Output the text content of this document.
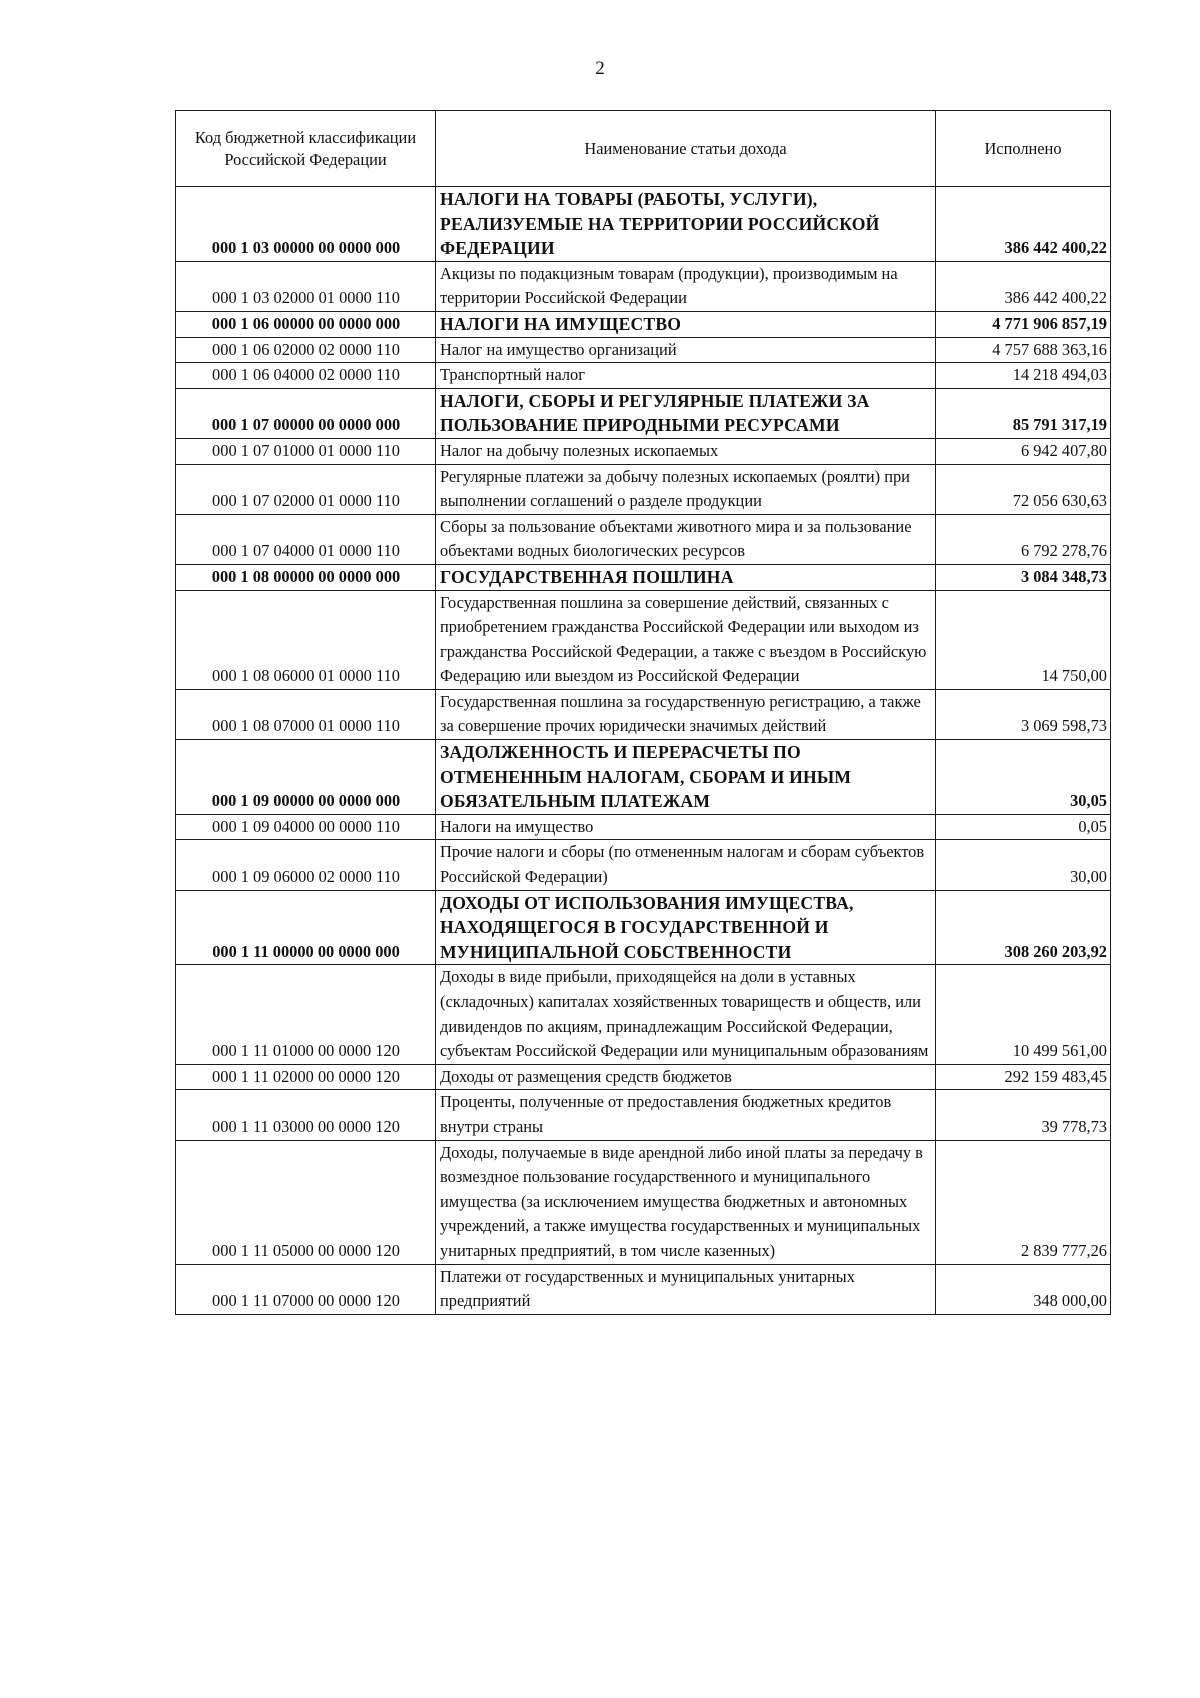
2
Код бюджетной классификации Российской Федерации	Наименование статьи дохода	Исполнено
000 1 03 00000 00 0000 000	НАЛОГИ НА ТОВАРЫ (РАБОТЫ, УСЛУГИ), РЕАЛИЗУЕМЫЕ НА ТЕРРИТОРИИ РОССИЙСКОЙ ФЕДЕРАЦИИ	386 442 400,22
000 1 03 02000 01 0000 110	Акцизы по подакцизным товарам (продукции), производимым на территории Российской Федерации	386 442 400,22
000 1 06 00000 00 0000 000	НАЛОГИ НА ИМУЩЕСТВО	4 771 906 857,19
000 1 06 02000 02 0000 110	Налог на имущество организаций	4 757 688 363,16
000 1 06 04000 02 0000 110	Транспортный налог	14 218 494,03
000 1 07 00000 00 0000 000	НАЛОГИ, СБОРЫ И РЕГУЛЯРНЫЕ ПЛАТЕЖИ ЗА ПОЛЬЗОВАНИЕ ПРИРОДНЫМИ РЕСУРСАМИ	85 791 317,19
000 1 07 01000 01 0000 110	Налог на добычу полезных ископаемых	6 942 407,80
000 1 07 02000 01 0000 110	Регулярные платежи за добычу полезных ископаемых (роялти) при выполнении соглашений о разделе продукции	72 056 630,63
000 1 07 04000 01 0000 110	Сборы за пользование объектами животного мира и за пользование объектами водных биологических ресурсов	6 792 278,76
000 1 08 00000 00 0000 000	ГОСУДАРСТВЕННАЯ ПОШЛИНА	3 084 348,73
000 1 08 06000 01 0000 110	Государственная пошлина за совершение действий, связанных с приобретением гражданства Российской Федерации или выходом из гражданства Российской Федерации, а также с въездом в Российскую Федерацию или выездом из Российской Федерации	14 750,00
000 1 08 07000 01 0000 110	Государственная пошлина за государственную регистрацию, а также за совершение прочих юридически значимых действий	3 069 598,73
000 1 09 00000 00 0000 000	ЗАДОЛЖЕННОСТЬ И ПЕРЕРАСЧЕТЫ ПО ОТМЕНЕННЫМ НАЛОГАМ, СБОРАМ И ИНЫМ ОБЯЗАТЕЛЬНЫМ ПЛАТЕЖАМ	30,05
000 1 09 04000 00 0000 110	Налоги на имущество	0,05
000 1 09 06000 02 0000 110	Прочие налоги и сборы (по отмененным налогам и сборам субъектов Российской Федерации)	30,00
000 1 11 00000 00 0000 000	ДОХОДЫ ОТ ИСПОЛЬЗОВАНИЯ ИМУЩЕСТВА, НАХОДЯЩЕГОСЯ В ГОСУДАРСТВЕННОЙ И МУНИЦИПАЛЬНОЙ СОБСТВЕННОСТИ	308 260 203,92
000 1 11 01000 00 0000 120	Доходы в виде прибыли, приходящейся на доли в уставных (складочных) капиталах хозяйственных товариществ и обществ, или дивидендов по акциям, принадлежащим Российской Федерации, субъектам Российской Федерации или муниципальным образованиям	10 499 561,00
000 1 11 02000 00 0000 120	Доходы от размещения средств бюджетов	292 159 483,45
000 1 11 03000 00 0000 120	Проценты, полученные от предоставления бюджетных кредитов внутри страны	39 778,73
000 1 11 05000 00 0000 120	Доходы, получаемые в виде арендной либо иной платы за передачу в возмездное пользование государственного и муниципального имущества (за исключением имущества бюджетных и автономных учреждений, а также имущества государственных и муниципальных унитарных предприятий, в том числе казенных)	2 839 777,26
000 1 11 07000 00 0000 120	Платежи от государственных и муниципальных унитарных предприятий	348 000,00
